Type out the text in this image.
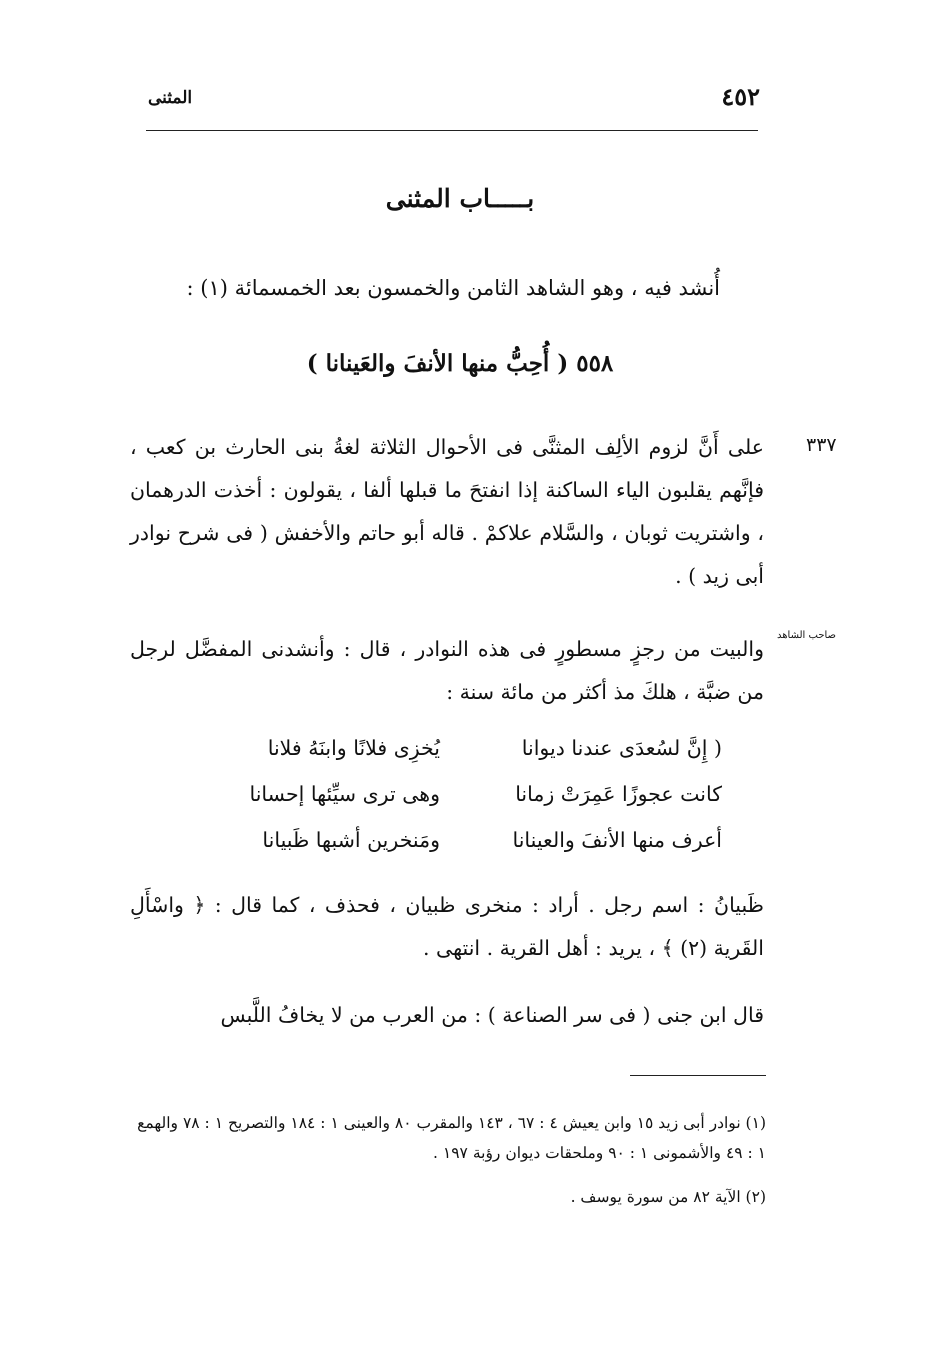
٤٥٢
المثنى
بـــــاب المثنى
أُنشد فيه ، وهو الشاهد الثامن والخمسون بعد الخمسمائة (١) :
٥٥٨ ( أُحِبُّ منها الأنفَ والعَينانا )
٣٣٧
صاحب الشاهد
على أَنَّ لزوم الألِف المثنَّى فى الأحوال الثلاثة لغةُ بنى الحارث بن كعب ، فإنَّهم يقلبون الياء الساكنة إذا انفتحَ ما قبلها ألفا ، يقولون : أخذت الدرهمان ، واشتريت ثوبان ، والسَّلام علاكمْ . قاله أبو حاتم والأخفش ( فى شرح نوادر أبى زيد ) .
والبيت من رجزٍ مسطورٍ فى هذه النوادر ، قال : وأنشدنى المفضَّل لرجل من ضبَّة ، هلكَ مذ أكثر من مائة سنة :
( إِنَّ لسُعدَى عندنا ديوانا
يُخزِى فلانًا وابنَهُ فلانا
كانت عجوزًا عَمِرَتْ زمانا
وهى ترى سيِّئها إحسانا
أعرف منها الأنفَ والعينانا
ومَنخرين أشبها ظَبيانا
ظَبيانُ : اسم رجل . أراد : منخرى ظبيان ، فحذف ، كما قال : ﴿ واسْأَلِ القَرية (٢) ﴾ ، يريد : أهل القرية . انتهى .
قال ابن جنى ( فى سر الصناعة ) : من العرب من لا يخافُ اللَّبس
(١) نوادر أبى زيد ١٥ وابن يعيش ٤ : ٦٧ ، ١٤٣ والمقرب ٨٠ والعينى ١ : ١٨٤ والتصريح ١ : ٧٨ والهمع ١ : ٤٩ والأشمونى ١ : ٩٠ وملحقات ديوان رؤبة ١٩٧ .
(٢) الآية ٨٢ من سورة يوسف .
